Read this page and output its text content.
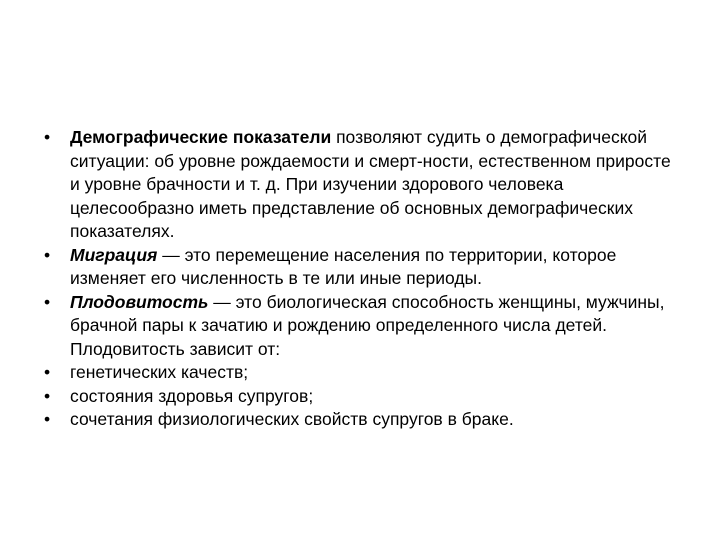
•	Демографические показатели позволяют судить о демографической ситуации: об уровне рождаемости и смерт-ности, естественном приросте и уровне брачности и т. д. При изучении здорового человека целесообразно иметь представление об основных демографических показателях.
•	Миграция — это перемещение населения по территории, которое изменяет его численность в те или иные периоды.
•	Плодовитость — это биологическая способность женщины, мужчины, брачной пары к зачатию и рождению определенного числа детей. Плодовитость зависит от:
•	генетических качеств;
•	состояния здоровья супругов;
•	сочетания физиологических свойств супругов в браке.
